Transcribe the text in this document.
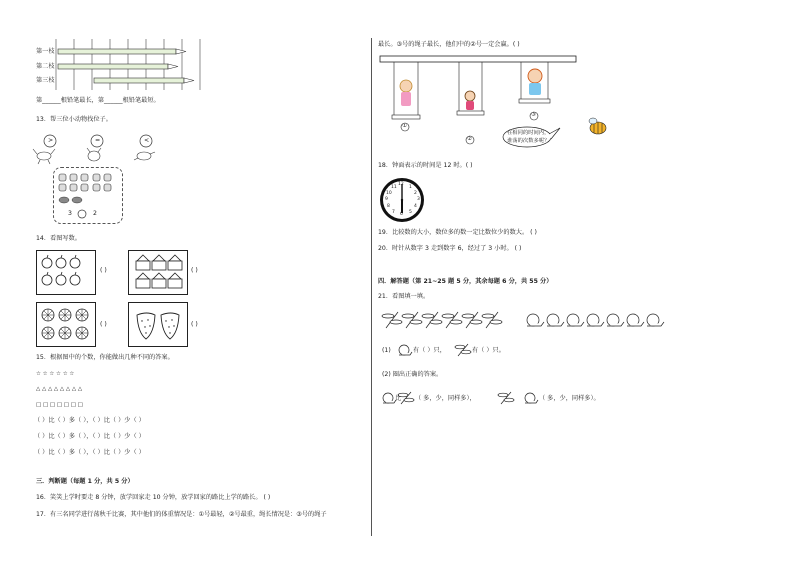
第一枝
第二枝
第三枝
第______根铅笔最长，第______根铅笔最短。
13．帮三位小动物找位子。
>	=	<
3	2
14．看图写数。
( )	( )
( )	( )
15．根据图中的个数，你能做出几种不同的答案。
☆ ☆ ☆ ☆ ☆ ☆
△ △ △ △ △ △ △ △
□ □ □ □ □ □ □
（ ）比（ ）多（ ），（ ）比（ ）少（ ）
（ ）比（ ）多（ ），（ ）比（ ）少（ ）
（ ）比（ ）多（ ），（ ）比（ ）少（ ）
三．判断题（每题 1 分，共 5 分）
16．笑笑上学时要走 8 分钟，放学回家走 10 分钟，放学回家的路比上学的路长。 ( )
17．有三名同学进行荡秋千比赛，其中他们的体重情况是：①号最轻，②号最重，绳长情况是：③号的绳子
最长。③号的绳子最长，他们中的②号一定会赢。( )
①
②
③
在相同的时间内，
谁荡的次数多呢？
18．钟面表示的时间是 12 时。( )
12
1
2
3
4
5
6
7
8
9
10
11
19．比较数的大小，数位多的数一定比数位少的数大。 ( )
20．时针从数字 3 走到数字 6，经过了 3 小时。 ( )
四．解答题（第 21~25 题 5 分，其余每题 6 分，共 55 分）
21．看图填一填。
(1)	有（ ）只，	有（ ）只。
(2) 圈出正确的答案。
比 （ 多，少，同样多），	（ 多，少，同样多）。
